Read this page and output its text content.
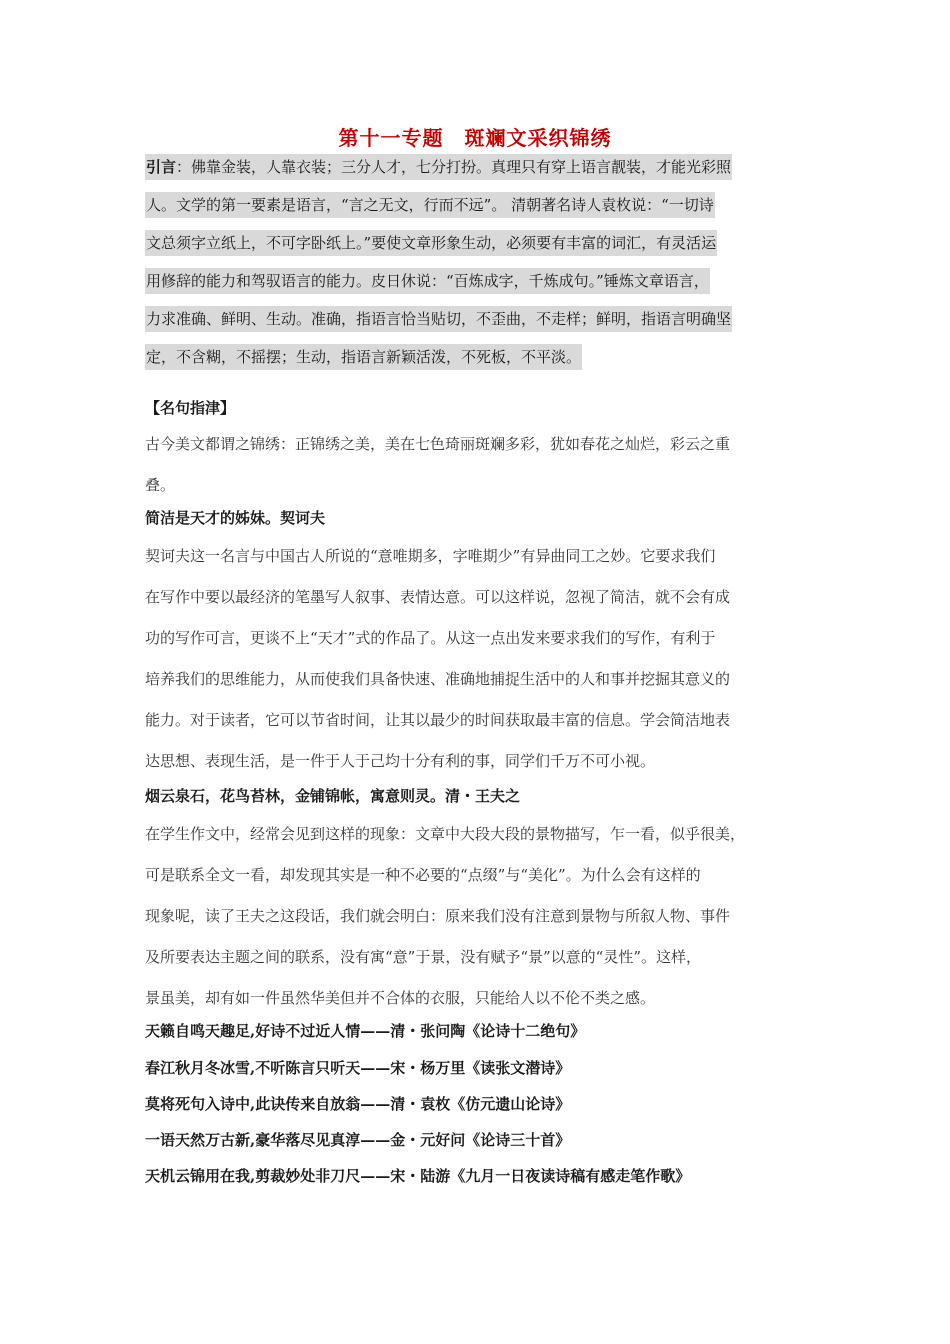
第十一专题　斑斓文采织锦绣
引言：佛靠金装，人靠衣装；三分人才，七分打扮。真理只有穿上语言靓装，才能光彩照
人。文学的第一要素是语言，“言之无文，行而不远”。 清朝著名诗人袁枚说：“一切诗
文总须字立纸上，不可字卧纸上。”要使文章形象生动，必须要有丰富的词汇，有灵活运
用修辞的能力和驾驭语言的能力。皮日休说：“百炼成字，千炼成句。”锤炼文章语言，
力求准确、鲜明、生动。准确，指语言恰当贴切，不歪曲，不走样；鲜明，指语言明确坚
定，不含糊，不摇摆；生动，指语言新颖活泼，不死板，不平淡。
【名句指津】
古今美文都谓之锦绣：正锦绣之美，美在七色琦丽斑斓多彩，犹如春花之灿烂，彩云之重
叠。
简洁是天才的姊妹。契诃夫
契诃夫这一名言与中国古人所说的“意唯期多，字唯期少”有异曲同工之妙。它要求我们
在写作中要以最经济的笔墨写人叙事、表情达意。可以这样说，忽视了简洁，就不会有成
功的写作可言，更谈不上“天才”式的作品了。从这一点出发来要求我们的写作，有利于
培养我们的思维能力，从而使我们具备快速、准确地捕捉生活中的人和事并挖掘其意义的
能力。对于读者，它可以节省时间，让其以最少的时间获取最丰富的信息。学会简洁地表
达思想、表现生活，是一件于人于己均十分有利的事，同学们千万不可小视。
烟云泉石，花鸟苔林，金铺锦帐，寓意则灵。清・王夫之
在学生作文中，经常会见到这样的现象：文章中大段大段的景物描写，乍一看，似乎很美，
可是联系全文一看，却发现其实是一种不必要的“点缀”与“美化”。为什么会有这样的
现象呢，读了王夫之这段话，我们就会明白：原来我们没有注意到景物与所叙人物、事件
及所要表达主题之间的联系，没有寓“意”于景，没有赋予“景”以意的“灵性”。这样，
景虽美，却有如一件虽然华美但并不合体的衣服，只能给人以不伦不类之感。
天籁自鸣天趣足,好诗不过近人情——清・张问陶《论诗十二绝句》
春江秋月冬冰雪,不听陈言只听天——宋・杨万里《读张文潜诗》
莫将死句入诗中,此诀传来自放翁——清・袁枚《仿元遗山论诗》
一语天然万古新,豪华落尽见真淳——金・元好问《论诗三十首》
天机云锦用在我,剪裁妙处非刀尺——宋・陆游《九月一日夜读诗稿有感走笔作歌》
